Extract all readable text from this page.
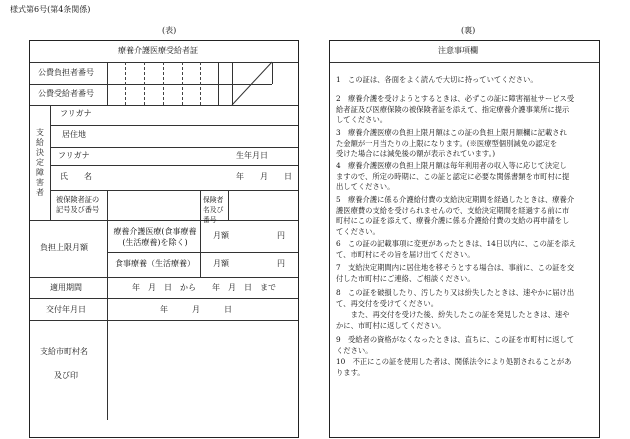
様式第6号(第4条関係)
(表)
療養介護医療受給者証
公費負担者番号
公費受給者番号
支給決定障害者
フリガナ
居住地
フリガナ	生年月日
氏　　名	年　　月　　日
被保険者証の記号及び番号
保険者名及び番号
負担上限月額
療養介護医療(食事療養(生活療養)を除く)
月額　　　　　　円
食事療養（生活療養） 月額　　　　　　円
適用期間	年　月　日　から　　年　月　日　まで
交付年月日	年　　　月　　　日
支給市町村名
及び印
(裏)
注意事項欄
1　この証は、各面をよく読んで大切に持っていてください。
2　療養介護を受けようとするときは、必ずこの証に障害福祉サービス受
給者証及び医療保険の被保険者証を添えて、指定療養介護事業所に提示
してください。
3　療養介護医療の負担上限月額はこの証の負担上限月額欄に記載され
た金額が一月当たりの上限になります。(※医療型個別減免の認定を
受けた場合には減免後の額が表示されています。)
4　療養介護医療の負担上限月額は毎年利用者の収入等に応じて決定し
ますので、所定の時期に、この証と認定に必要な関係書類を市町村に提
出してください。
5　療養介護に係る介護給付費の支給決定期間を経過したときは、療養介
護医療費の支給を受けられませんので、支給決定期間を経過する前に市
町村にこの証を添えて、療養介護に係る介護給付費の支給の再申請をし
てください。
6　この証の記載事項に変更があったときは、14日以内に、この証を添え
て、市町村にその旨を届け出てください。
7　支給決定期間内に居住地を移そうとする場合は、事前に、この証を交
付した市町村にご連絡、ご相談ください。
8　この証を破損したり、汚したり又は紛失したときは、速やかに届け出
て、再交付を受けてください。
　　また、再交付を受けた後、紛失したこの証を発見したときは、速や
かに、市町村に返してください。
9　受給者の資格がなくなったときは、直ちに、この証を市町村に返して
ください。
10　不正にこの証を使用した者は、関係法令により処罰されることがあ
ります。
